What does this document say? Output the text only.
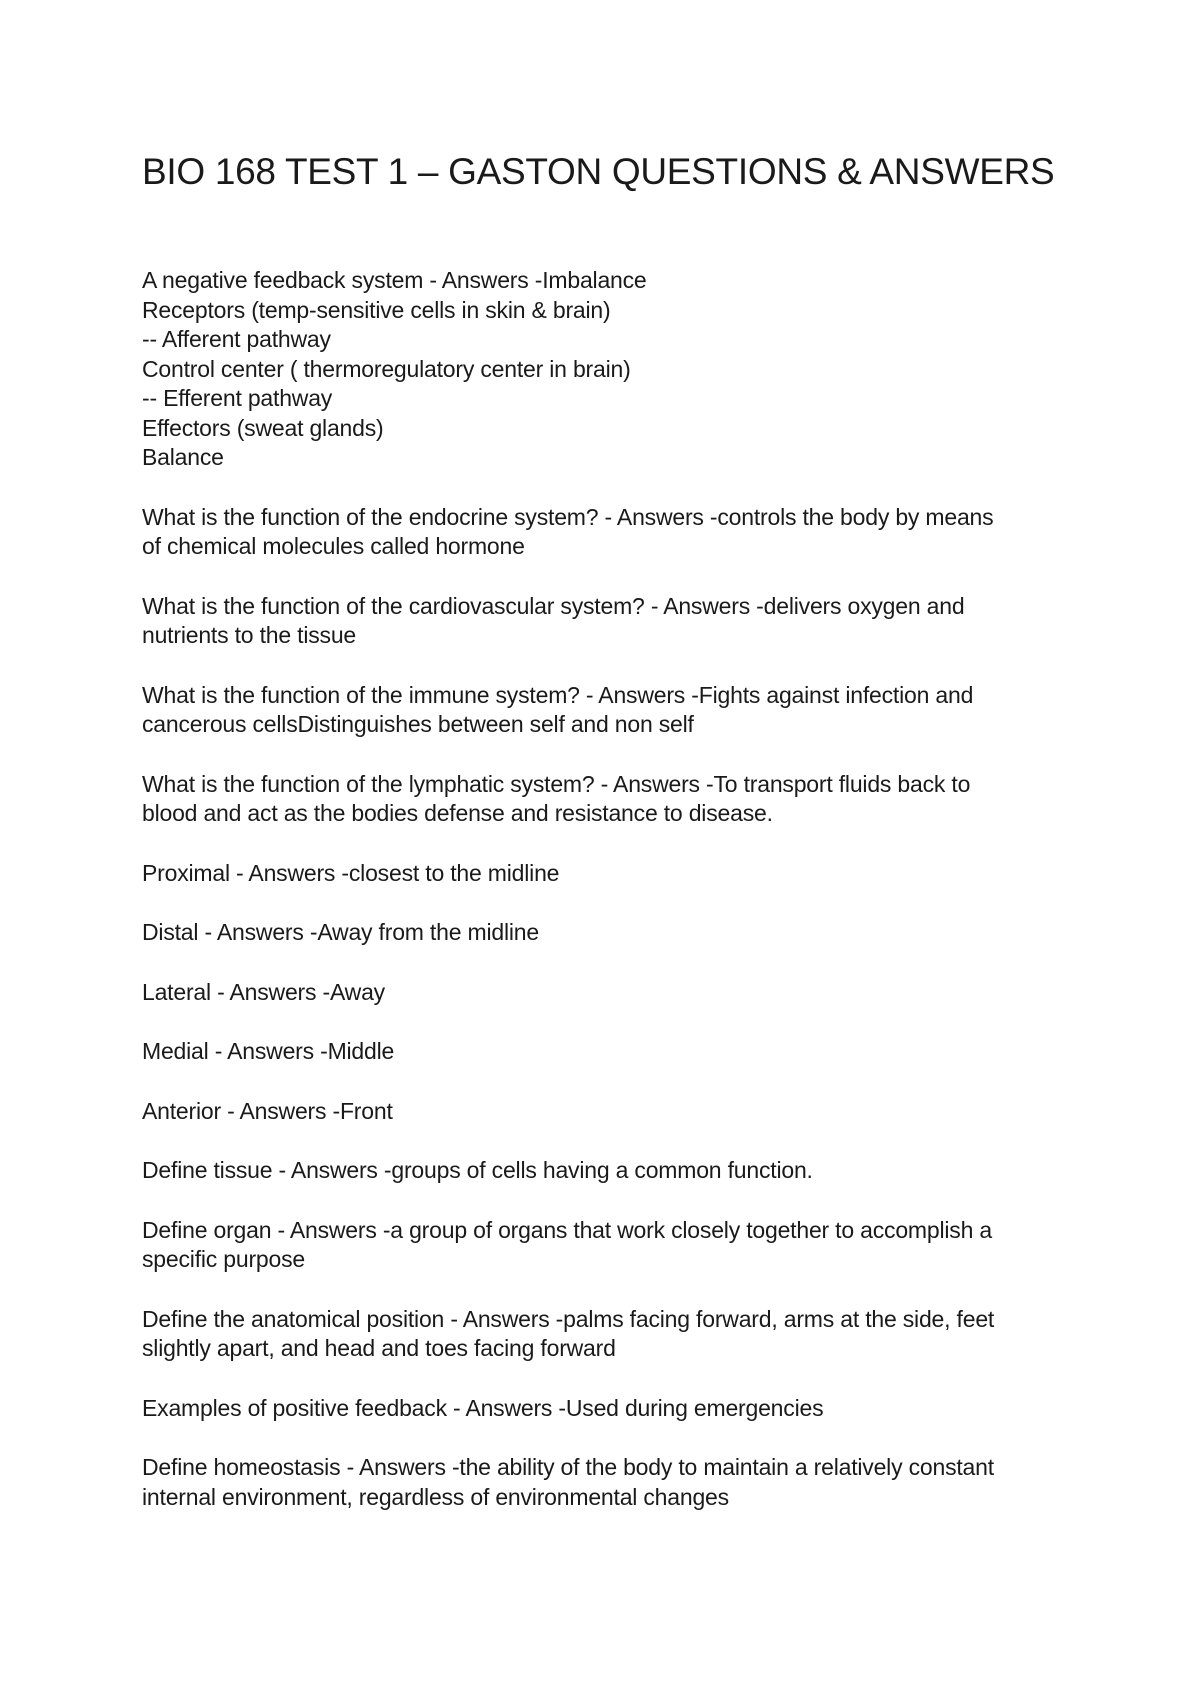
BIO 168 TEST 1 – GASTON QUESTIONS & ANSWERS
A negative feedback system - Answers -Imbalance
Receptors (temp-sensitive cells in skin & brain)
-- Afferent pathway
Control center ( thermoregulatory center in brain)
-- Efferent pathway
Effectors (sweat glands)
Balance
What is the function of the endocrine system? - Answers -controls the body by means
of chemical molecules called hormone
What is the function of the cardiovascular system? - Answers -delivers oxygen and
nutrients to the tissue
What is the function of the immune system? - Answers -Fights against infection and
cancerous cellsDistinguishes between self and non self
What is the function of the lymphatic system? - Answers -To transport fluids back to
blood and act as the bodies defense and resistance to disease.
Proximal - Answers -closest to the midline
Distal - Answers -Away from the midline
Lateral - Answers -Away
Medial - Answers -Middle
Anterior - Answers -Front
Define tissue - Answers -groups of cells having a common function.
Define organ - Answers -a group of organs that work closely together to accomplish a
specific purpose
Define the anatomical position - Answers -palms facing forward, arms at the side, feet
slightly apart, and head and toes facing forward
Examples of positive feedback - Answers -Used during emergencies
Define homeostasis - Answers -the ability of the body to maintain a relatively constant
internal environment, regardless of environmental changes
